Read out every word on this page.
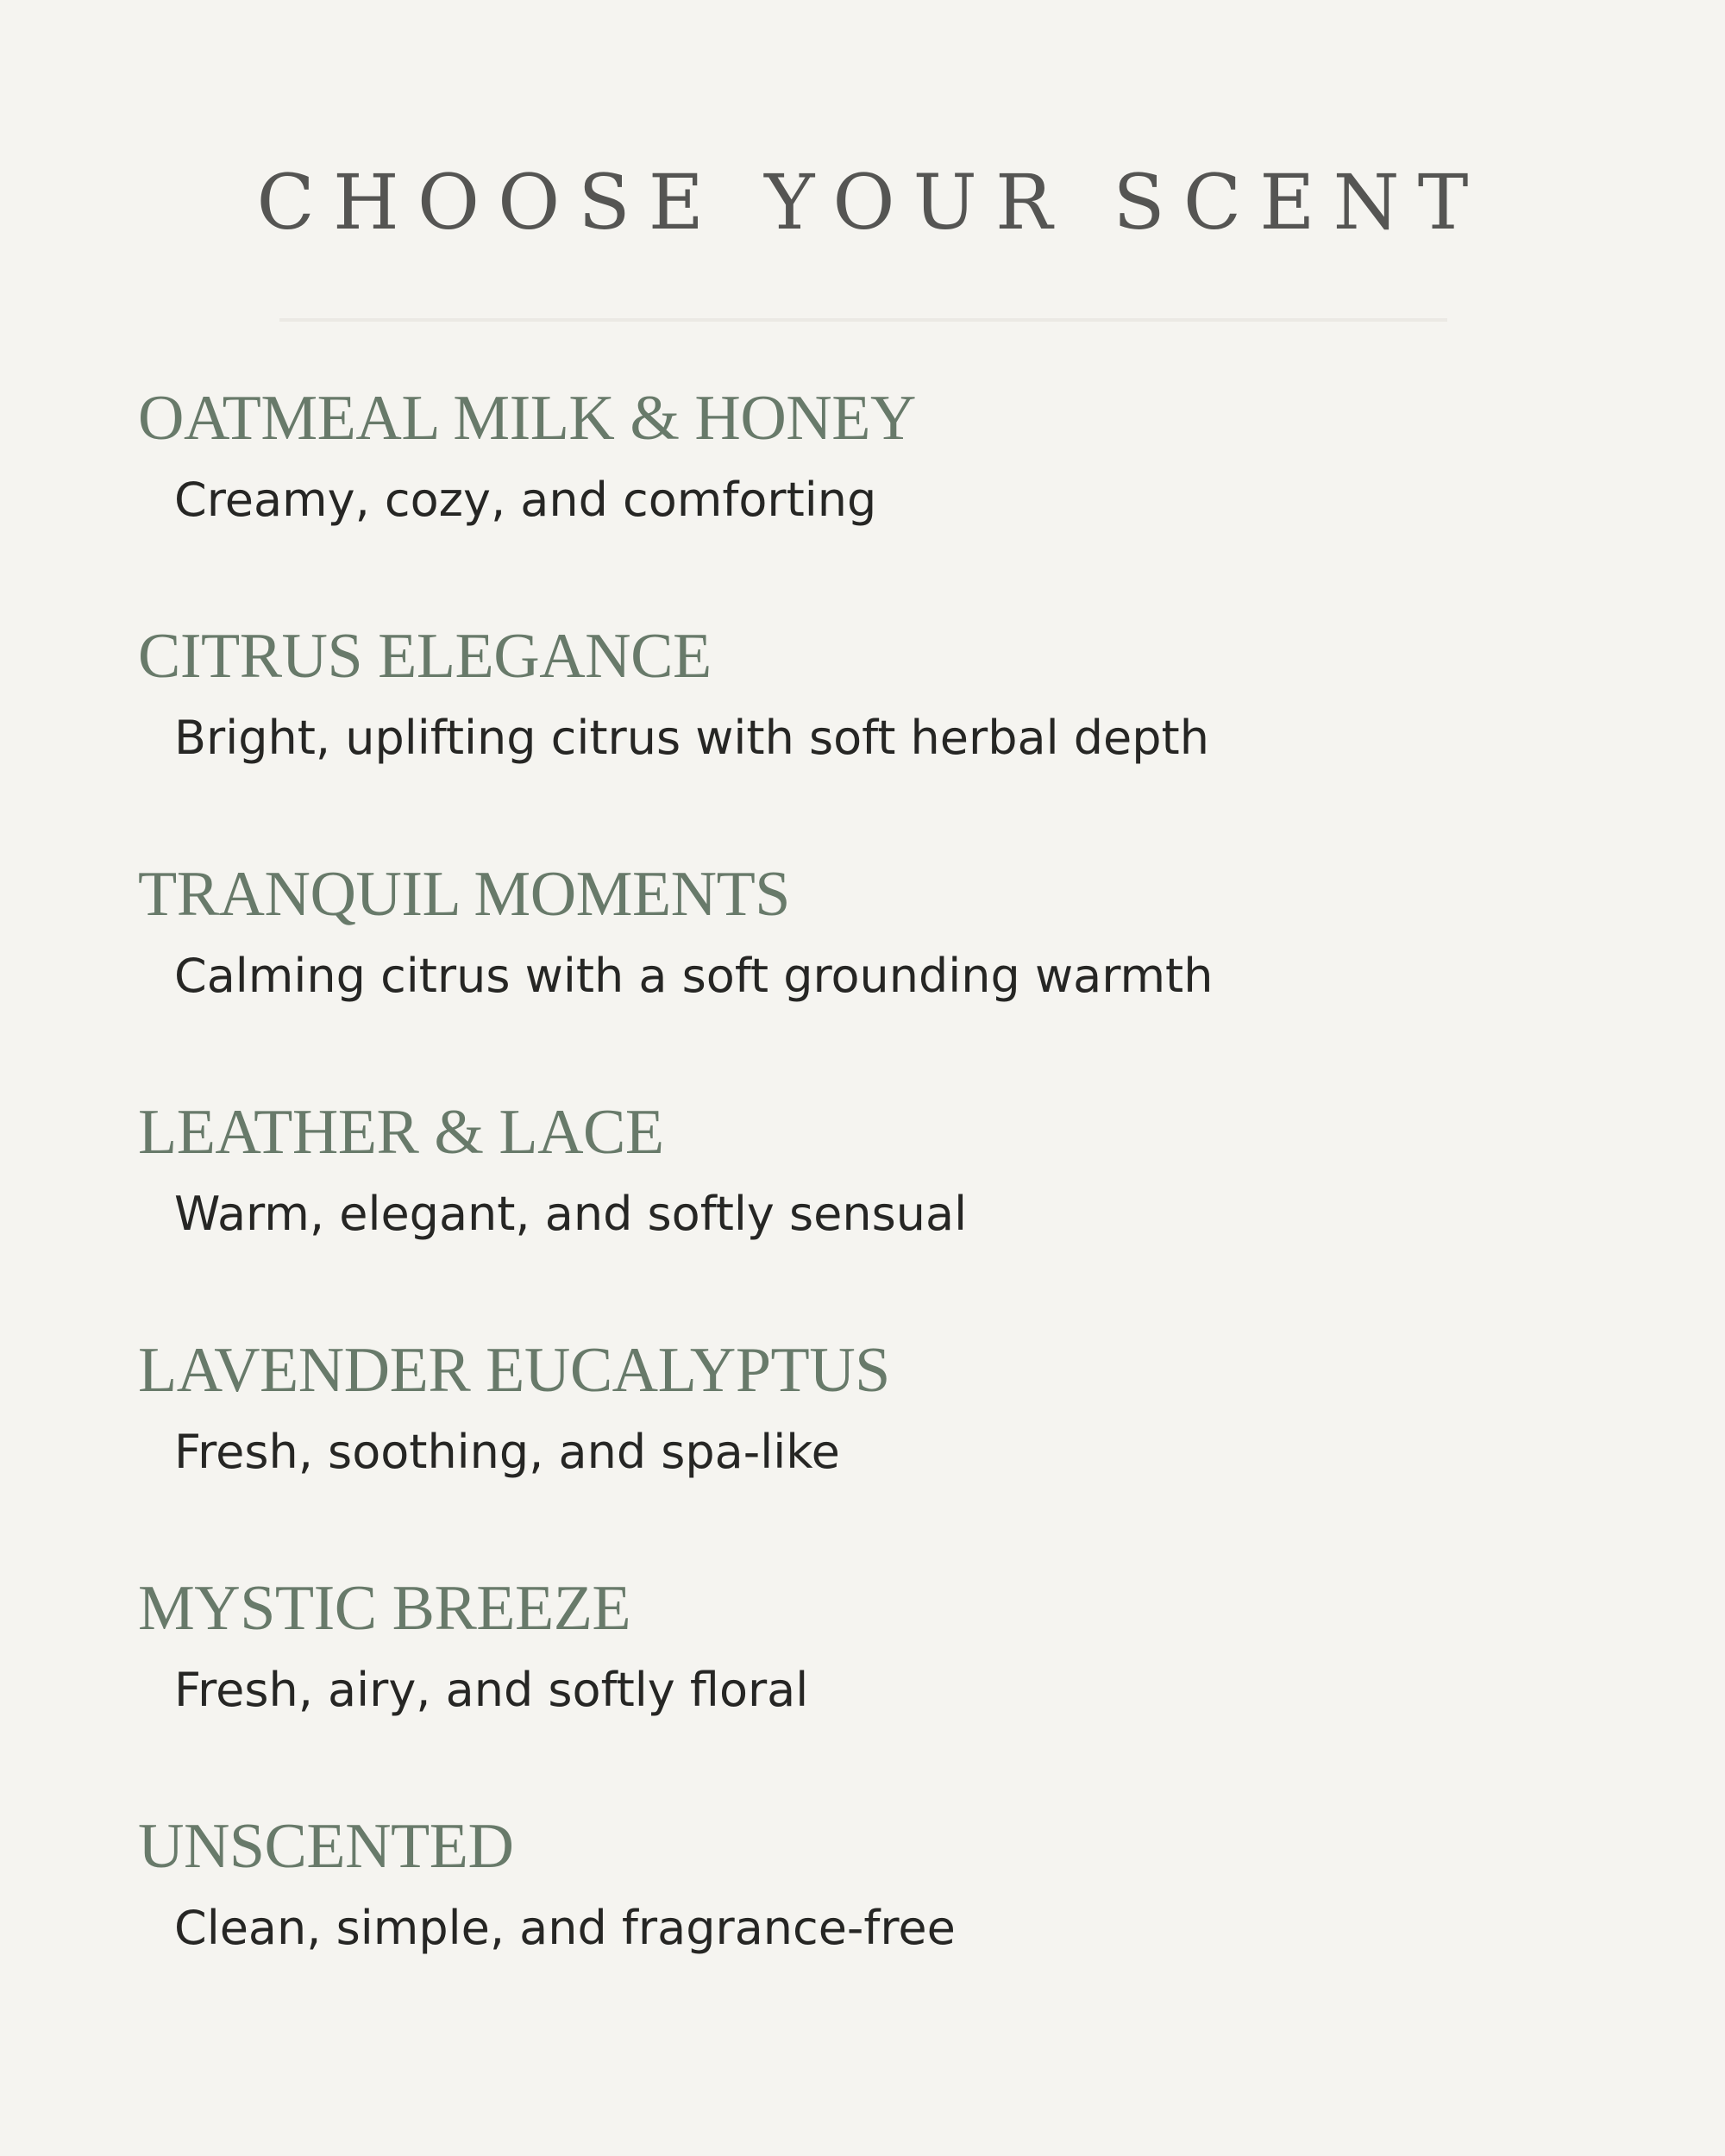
CHOOSE YOUR SCENT
OATMEAL MILK & HONEY

Creamy, cozy, and comforting

CITRUS ELEGANCE

Bright, uplifting citrus with soft herbal depth

TRANQUIL MOMENTS

Calming citrus with a soft grounding warmth

LEATHER & LACE

Warm, elegant, and softly sensual

LAVENDER EUCALYPTUS

Fresh, soothing, and spa-like

MYSTIC BREEZE

Fresh, airy, and softly floral

UNSCENTED

Clean, simple, and fragrance-free
